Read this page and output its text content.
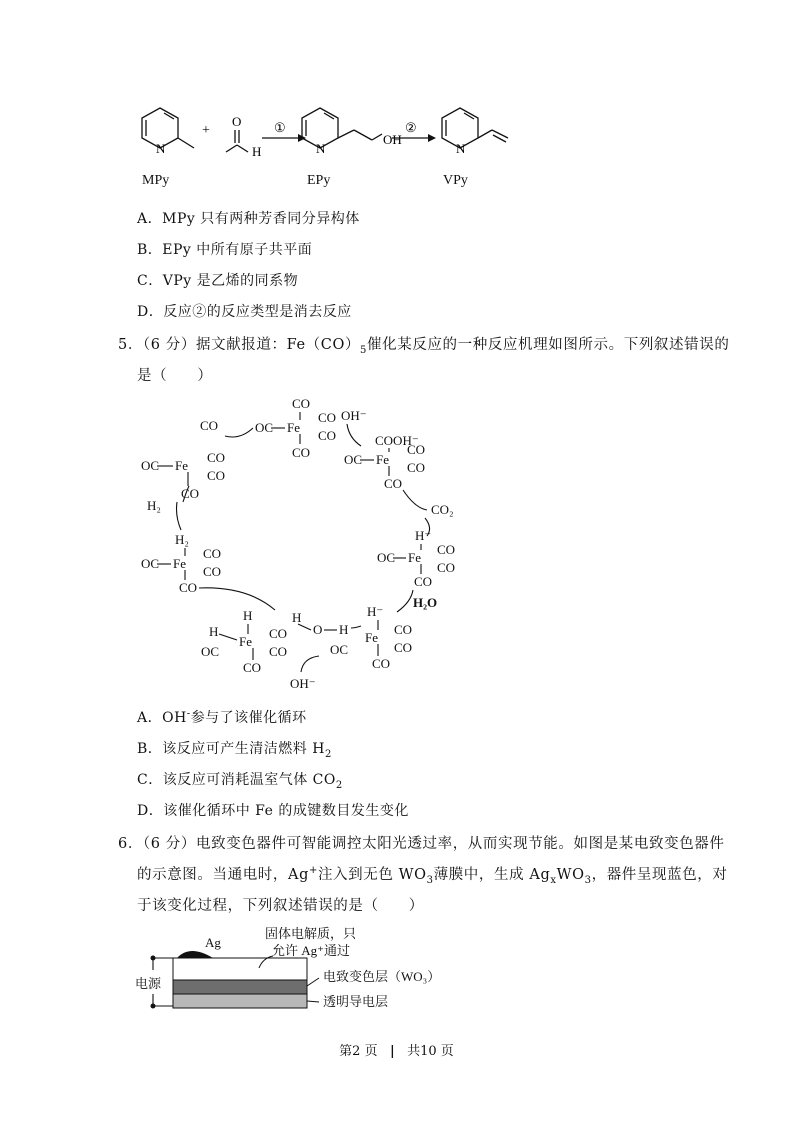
N
+
O
H
①
N
OH
②
N
MPy	EPy	VPy
A．MPy 只有两种芳香同分异构体
B．EPy 中所有原子共平面
C．VPy 是乙烯的同系物
D．反应②的反应类型是消去反应
5．（6 分）据文献报道：$Fe(CO)_5$催化某反应的一种反应机理如图所示。下列叙述错误的
是（　　）
CO
OC Fe
CO
CO
CO
CO
OH⁻
COOH⁻
OC Fe
CO
CO
CO
CO₂
H⁻
OC Fe
CO
CO
CO
H₂O
H⁻
OC
Fe
CO
CO
CO
H
O H
OH⁻
H
H
OC
Fe
CO
CO
CO
H₂
OC Fe
CO
CO
CO
H₂
OC Fe
CO
CO
CO
A．OH-参与了该催化循环
B．该反应可产生清洁燃料 $H_2$
C．该反应可消耗温室气体 $CO_2$
D．该催化循环中 Fe 的成键数目发生变化
6．（6 分）电致变色器件可智能调控太阳光透过率，从而实现节能。如图是某电致变色器件
的示意图。当通电时，Ag+注入到无色 $WO_3$薄膜中，生成 $Ag_xWO_3$，器件呈现蓝色，对
于该变化过程，下列叙述错误的是（　　）
Ag
电源
固体电解质，只
允许 Ag⁺通过
电致变色层（WO₃）
透明导电层
第2 页 | 共10 页
